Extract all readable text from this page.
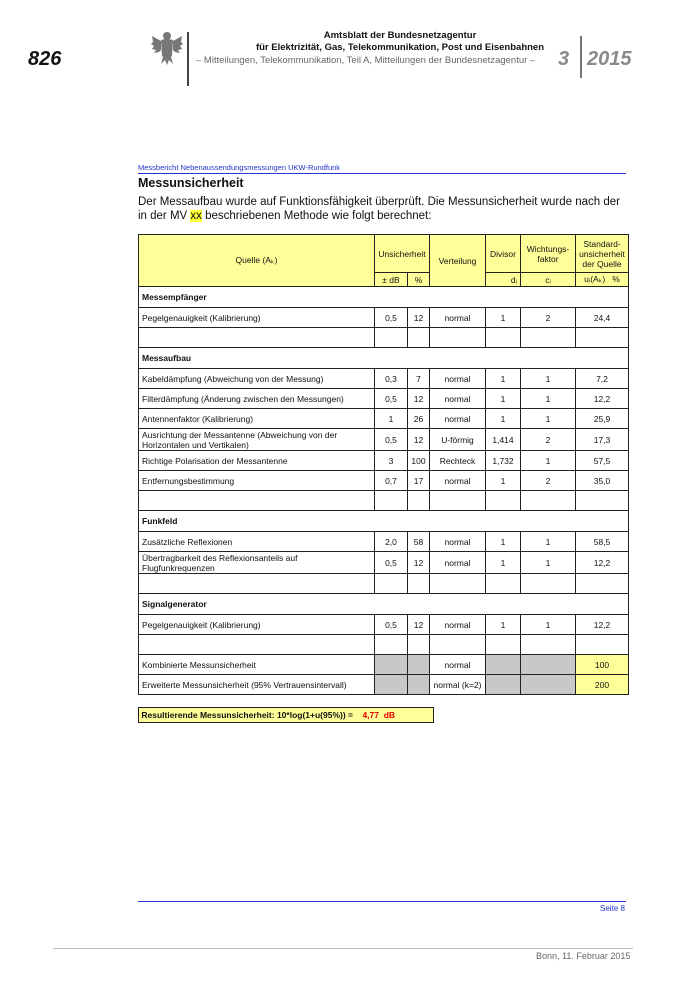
826
Amtsblatt der Bundesnetzagentur
für Elektrizität, Gas, Telekommunikation, Post und Eisenbahnen
– Mitteilungen, Telekommunikation, Teil A, Mitteilungen der Bundesnetzagentur – 3 2015
Messbericht Nebenaussendungsmessungen UKW-Rundfunk
Messunsicherheit
Der Messaufbau wurde auf Funktionsfähigkeit überprüft. Die Messunsicherheit wurde nach der in der MV xx beschriebenen Methode wie folgt berechnet:
Quelle (Aₖ)	Unsicherheit		Verteilung	Divisor	Wichtungs-faktor	Standard-unsicherheit der Quelle
	± dB	%		dᵢ	cᵢ	uᵢ(Aₖ) %
Messempfänger						
Pegelgenauigkeit (Kalibrierung)	0,5	12	normal	1	2	24,4

Messaufbau						
Kabeldämpfung (Abweichung von der Messung)	0,3	7	normal	1	1	7,2
Filterdämpfung (Änderung zwischen den Messungen)	0,5	12	normal	1	1	12,2
Antennenfaktor (Kalibrierung)	1	26	normal	1	1	25,9
Ausrichtung der Messantenne (Abweichung von der Horizontalen und Vertikalen)	0,5	12	U-förmig	1,414	2	17,3
Richtige Polarisation der Messantenne	3	100	Rechteck	1,732	1	57,5
Entfernungsbestimmung	0,7	17	normal	1	2	35,0

Funkfeld						
Zusätzliche Reflexionen	2,0	58	normal	1	1	58,5
Übertragbarkeit des Reflexionsanteils auf Flugfunkrequenzen	0,5	12	normal	1	1	12,2

Signalgenerator						
Pegelgenauigkeit (Kalibrierung)	0,5	12	normal	1	1	12,2

Kombinierte Messunsicherheit			normal			100
Erweiterte Messunsicherheit (95% Vertrauensintervall)			normal (k=2)			200
Resultierende Messunsicherheit: 10*log(1+u(95%)) = 4,77 dB
Seite 8
Bonn, 11. Februar 2015
